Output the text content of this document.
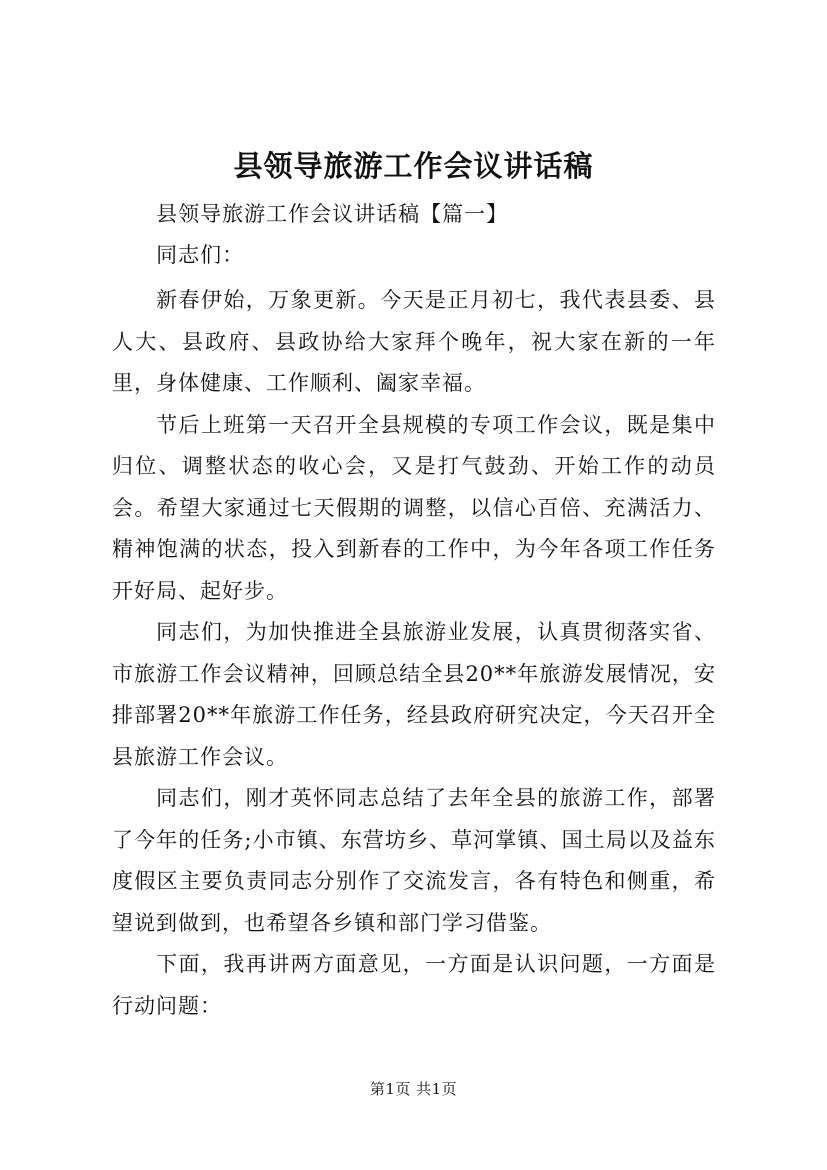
县领导旅游工作会议讲话稿

县领导旅游工作会议讲话稿【篇一】

同志们：

新春伊始，万象更新。今天是正月初七，我代表县委、县人大、县政府、县政协给大家拜个晚年，祝大家在新的一年里，身体健康、工作顺利、阖家幸福。

节后上班第一天召开全县规模的专项工作会议，既是集中归位、调整状态的收心会，又是打气鼓劲、开始工作的动员会。希望大家通过七天假期的调整，以信心百倍、充满活力、精神饱满的状态，投入到新春的工作中，为今年各项工作任务开好局、起好步。

同志们，为加快推进全县旅游业发展，认真贯彻落实省、市旅游工作会议精神，回顾总结全县20**年旅游发展情况，安排部署20**年旅游工作任务，经县政府研究决定，今天召开全县旅游工作会议。

同志们，刚才英怀同志总结了去年全县的旅游工作，部署了今年的任务;小市镇、东营坊乡、草河掌镇、国土局以及益东度假区主要负责同志分别作了交流发言，各有特色和侧重，希望说到做到，也希望各乡镇和部门学习借鉴。

下面，我再讲两方面意见，一方面是认识问题，一方面是行动问题：

第1页 共1页
